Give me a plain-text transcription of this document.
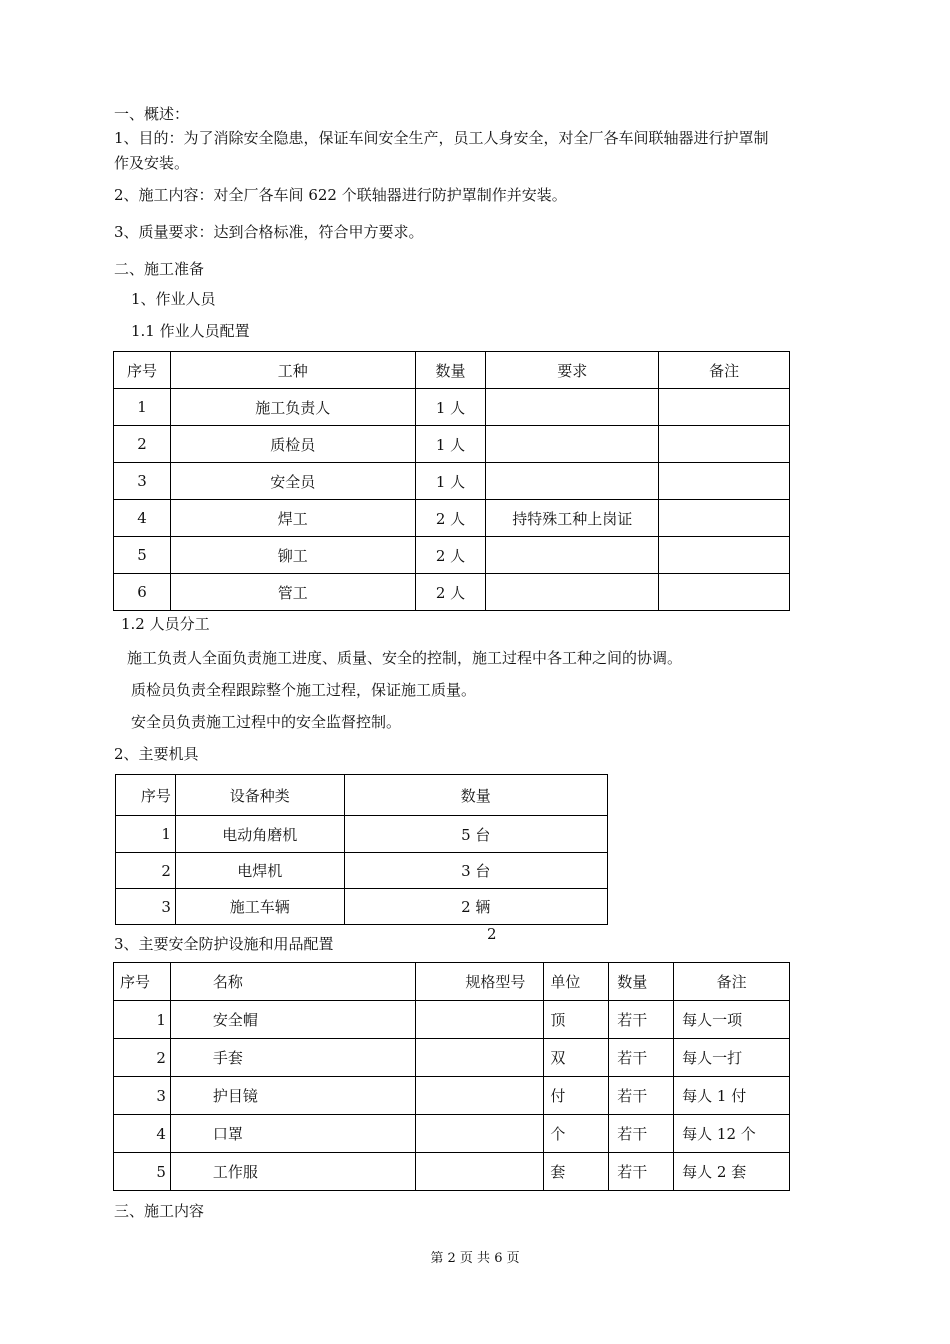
一、概述：
1、目的：为了消除安全隐患，保证车间安全生产，员工人身安全，对全厂各车间联轴器进行护罩制
作及安装。
2、施工内容：对全厂各车间 622 个联轴器进行防护罩制作并安装。
3、质量要求：达到合格标准，符合甲方要求。
二、施工准备
1、作业人员
1.1 作业人员配置
序号	工种	数量	要求	备注
1	施工负责人	1 人		
2	质检员	1 人		
3	安全员	1 人		
4	焊工	2 人	持特殊工种上岗证	
5	铆工	2 人		
6	管工	2 人		
1.2 人员分工
施工负责人全面负责施工进度、质量、安全的控制，施工过程中各工种之间的协调。
质检员负责全程跟踪整个施工过程，保证施工质量。
安全员负责施工过程中的安全监督控制。
2、主要机具
序号	设备种类	数量
1	电动角磨机	5 台
2	电焊机	3 台
3	施工车辆	2 辆
2
3、主要安全防护设施和用品配置
序号	名称	规格型号	单位	数量	备注
1	安全帽		顶	若干	每人一项
2	手套		双	若干	每人一打
3	护目镜		付	若干	每人 1 付
4	口罩		个	若干	每人 12 个
5	工作服		套	若干	每人 2 套
三、施工内容
第 2 页 共 6 页
